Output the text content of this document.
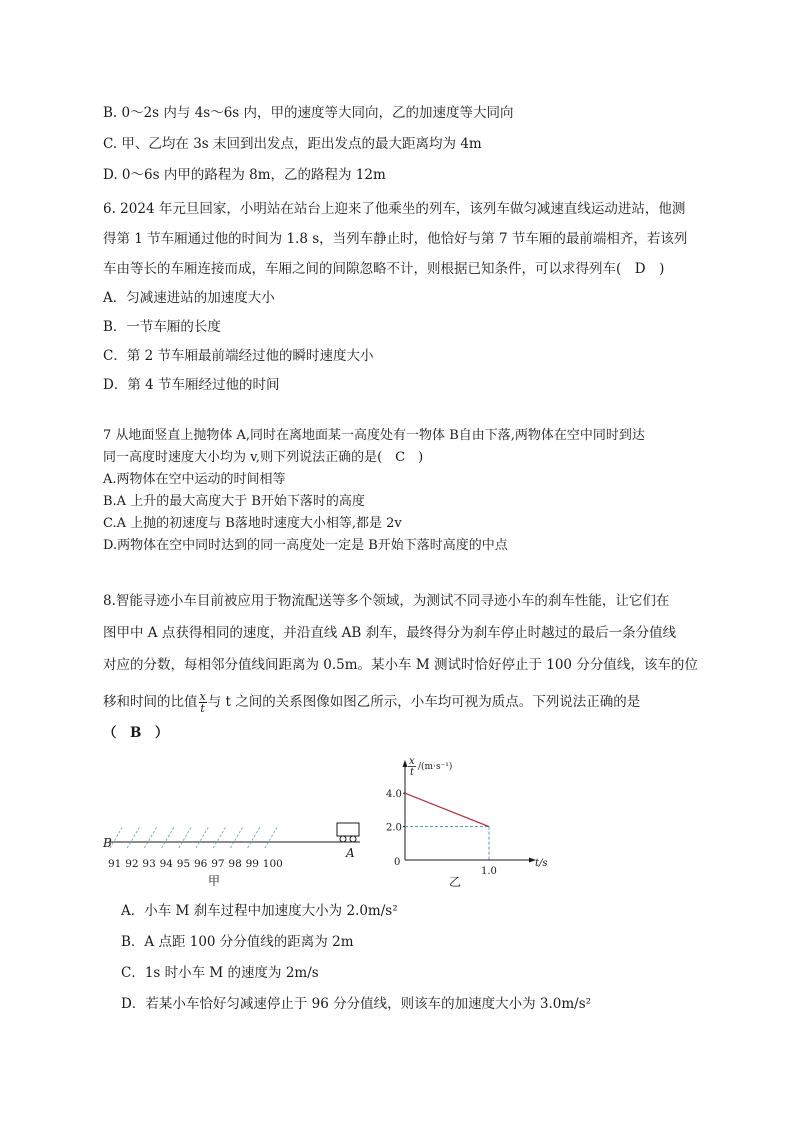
B. 0～2s 内与 4s～6s 内，甲的速度等大同向，乙的加速度等大同向
C. 甲、乙均在 3s 末回到出发点，距出发点的最大距离均为 4m
D. 0～6s 内甲的路程为 8m，乙的路程为 12m
6. 2024 年元旦回家，小明站在站台上迎来了他乘坐的列车，该列车做匀减速直线运动进站，他测
得第 1 节车厢通过他的时间为 1.8 s，当列车静止时，他恰好与第 7 节车厢的最前端相齐，若该列
车由等长的车厢连接而成，车厢之间的间隙忽略不计，则根据已知条件，可以求得列车(　D　)
A．匀减速进站的加速度大小
B．一节车厢的长度
C．第 2 节车厢最前端经过他的瞬时速度大小
D．第 4 节车厢经过他的时间
7 从地面竖直上抛物体 A,同时在离地面某一高度处有一物体 B自由下落,两物体在空中同时到达
同一高度时速度大小均为 v,则下列说法正确的是(　C　)
A.两物体在空中运动的时间相等
B.A 上升的最大高度大于 B开始下落时的高度
C.A 上抛的初速度与 B落地时速度大小相等,都是 2v
D.两物体在空中同时达到的同一高度处一定是 B开始下落时高度的中点
8.智能寻迹小车目前被应用于物流配送等多个领域，为测试不同寻迹小车的刹车性能，让它们在
图甲中 A 点获得相同的速度，并沿直线 AB 刹车，最终得分为刹车停止时越过的最后一条分值线
对应的分数，每相邻分值线间距离为 0.5m。某小车 M 测试时恰好停止于 100 分分值线，该车的位
移和时间的比值 $\frac{x}{t}$ 与 t 之间的关系图像如图乙所示，小车均可视为质点。下列说法正确的是
（　B　）
B
A
91 92 93 94 95 96 97 98 99 100
甲
x
t /(m·s⁻¹)
t/s
0
4.0
2.0
1.0
乙
A．小车 M 刹车过程中加速度大小为 2.0m/s²
B．A 点距 100 分分值线的距离为 2m
C．1s 时小车 M 的速度为 2m/s
D．若某小车恰好匀减速停止于 96 分分值线，则该车的加速度大小为 3.0m/s²
